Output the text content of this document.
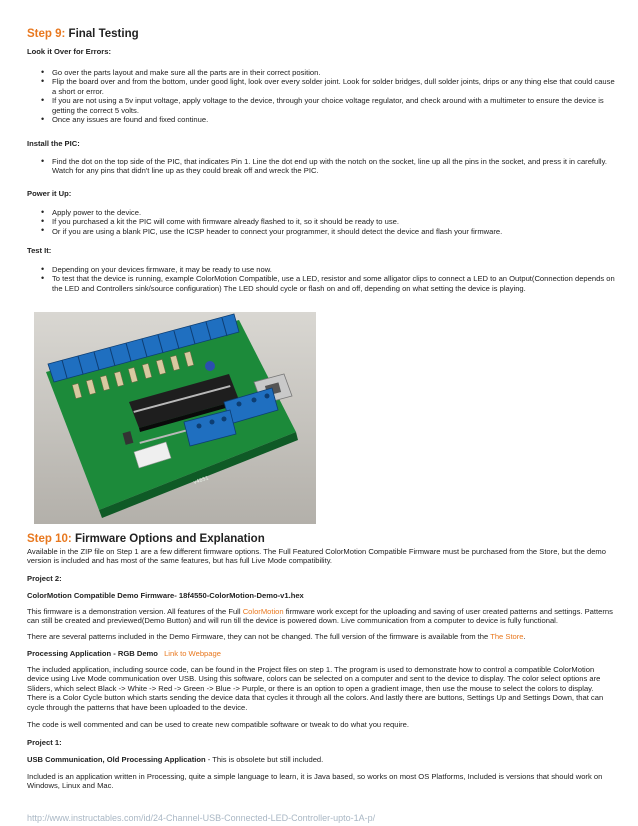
Step 9: Final Testing
Look it Over for Errors:
• Go over the parts layout and make sure all the parts are in their correct position.
• Flip the board over and from the bottom, under good light, look over every solder joint. Look for solder bridges, dull solder joints, drips or any thing else that could cause a short or error.
• If you are not using a 5v input voltage, apply voltage to the device, through your choice voltage regulator, and check around with a multimeter to ensure the device is getting the correct 5 volts.
• Once any issues are found and fixed continue.
Install the PIC:
• Find the dot on the top side of the PIC, that indicates Pin 1. Line the dot end up with the notch on the socket, line up all the pins in the socket, and press it in carefully. Watch for any pins that didn't line up as they could break off and wreck the PIC.
Power it Up:
• Apply power to the device.
• If you purchased a kit the PIC will come with firmware already flashed to it, so it should be ready to use.
• Or if you are using a blank PIC, use the ICSP header to connect your programmer, it should detect the device and flash your firmware.
Test It:
• Depending on your devices firmware, it may be ready to use now.
• To test that the device is running, example ColorMotion Compatible, use a LED, resistor and some alligator clips to connect a LED to an Output(Connection depends on the LED and Controllers sink/source configuration) The LED should cycle or flash on and off, depending on what setting the device is playing.
v4851
Step 10: Firmware Options and Explanation

Available in the ZIP file on Step 1 are a few different firmware options. The Full Featured ColorMotion Compatible Firmware must be purchased from the Store, but the demo version is included and has most of the same features, but has full Live Mode compatibility.

Project 2:
ColorMotion Compatible Demo Firmware- 18f4550-ColorMotion-Demo-v1.hex

This firmware is a demonstration version. All features of the Full ColorMotion firmware work except for the uploading and saving of user created patterns and settings. Patterns can still be created and previewed(Demo Button) and will run till the device is powered down. Live communication from a computer to device is fully functional.

There are several patterns included in the Demo Firmware, they can not be changed. The full version of the firmware is available from the The Store.

Processing Application - RGB Demo Link to Webpage

The included application, including source code, can be found in the Project files on step 1. The program is used to demonstrate how to control a compatible ColorMotion device using Live Mode communication over USB. Using this software, colors can be selected on a computer and sent to the device to display. The color select options are Sliders, which select Black -> White -> Red -> Green -> Blue -> Purple, or there is an option to open a gradient image, then use the mouse to select the colors to display. There is a Color Cycle button which starts sending the device data that cycles it through all the colors. And lastly there are buttons, Settings Up and Settings Down, that can cycle through the patterns that have been uploaded to the device.

The code is well commented and can be used to create new compatible software or tweak to do what you require.

Project 1:
USB Communication, Old Processing Application - This is obsolete but still included.

Included is an application written in Processing, quite a simple language to learn, it is Java based, so works on most OS Platforms, Included is versions that should work on Windows, Linux and Mac.

http://www.instructables.com/id/24-Channel-USB-Connected-LED-Controller-upto-1A-p/
